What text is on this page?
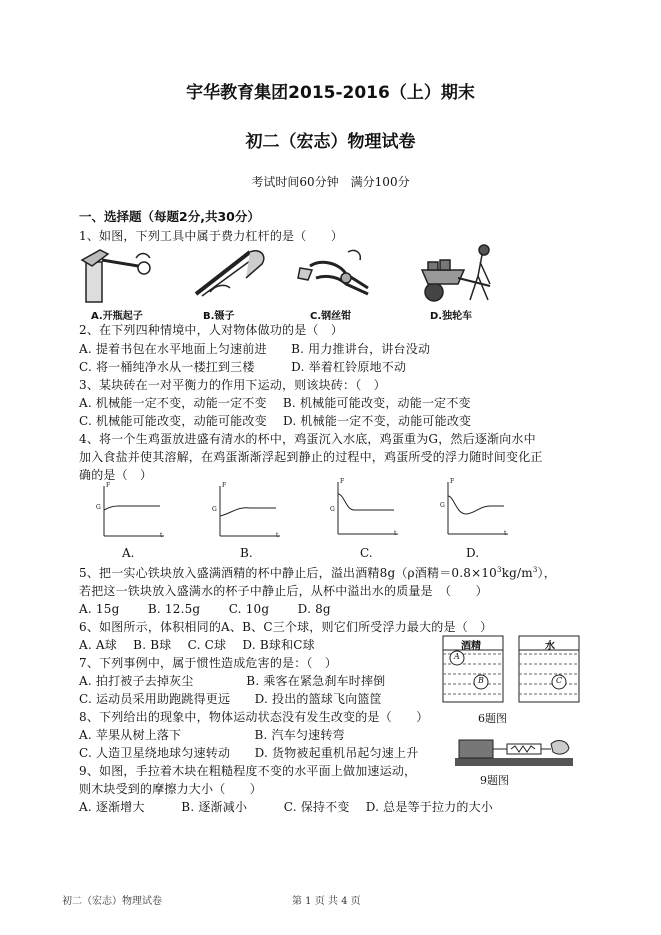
宇华教育集团2015-2016（上）期末
初二（宏志）物理试卷
考试时间60分钟　满分100分
一、选择题（每题2分,共30分）
1、如图，下列工具中属于费力杠杆的是（　　）
A.开瓶起子	B.镊子	C.钢丝钳	D.独轮车
2、在下列四种情境中，人对物体做功的是（　）
A. 提着书包在水平地面上匀速前进　　B. 用力推讲台，讲台没动
C. 将一桶纯净水从一楼扛到三楼　　　D. 举着杠铃原地不动
3、某块砖在一对平衡力的作用下运动，则该块砖：（　）
A. 机械能一定不变，动能一定不变　 B. 机械能可能改变，动能一定不变
C. 机械能可能改变，动能可能改变　 D. 机械能一定不变，动能可能改变
4、将一个生鸡蛋放进盛有清水的杯中，鸡蛋沉入水底，鸡蛋重为G，然后逐渐向水中
加入食盐并使其溶解，在鸡蛋渐渐浮起到静止的过程中，鸡蛋所受的浮力随时间变化正
确的是（　）
F
G
t
F
G
t
F
G
t
F
G
t
A.	B.	C.	D.
5、把一实心铁块放入盛满酒精的杯中静止后，溢出酒精8g（ρ酒精$=0.8\times 10^3kg/m^3$），
若把这一铁块放入盛满水的杯子中静止后，从杯中溢出水的质量是　（　　）
A. 15g　　 B. 12.5g　　 C. 10g　　 D. 8g
6、如图所示，体积相同的A、B、C三个球，则它们所受浮力最大的是（　）
A. A球　 B. B球　 C. C球　 D. B球和C球	酒精	水
A
B	C
6题图
7、下列事例中，属于惯性造成危害的是：（　）
A. 拍打被子去掉灰尘　　　　 B. 乘客在紧急刹车时摔倒
C. 运动员采用助跑跳得更远　　D. 投出的篮球飞向篮筐
8、下列给出的现象中，物体运动状态没有发生改变的是（　　）
A. 苹果从树上落下　　　　　　B. 汽车匀速转弯
C. 人造卫星绕地球匀速转动　　D. 货物被起重机吊起匀速上升
9题图
9、如图，手拉着木块在粗糙程度不变的水平面上做加速运动，
则木块受到的摩擦力大小（　　）
A. 逐渐增大　　　B. 逐渐减小　　　C. 保持不变　 D. 总是等于拉力的大小
初二（宏志）物理试卷	第 1 页 共 4 页
